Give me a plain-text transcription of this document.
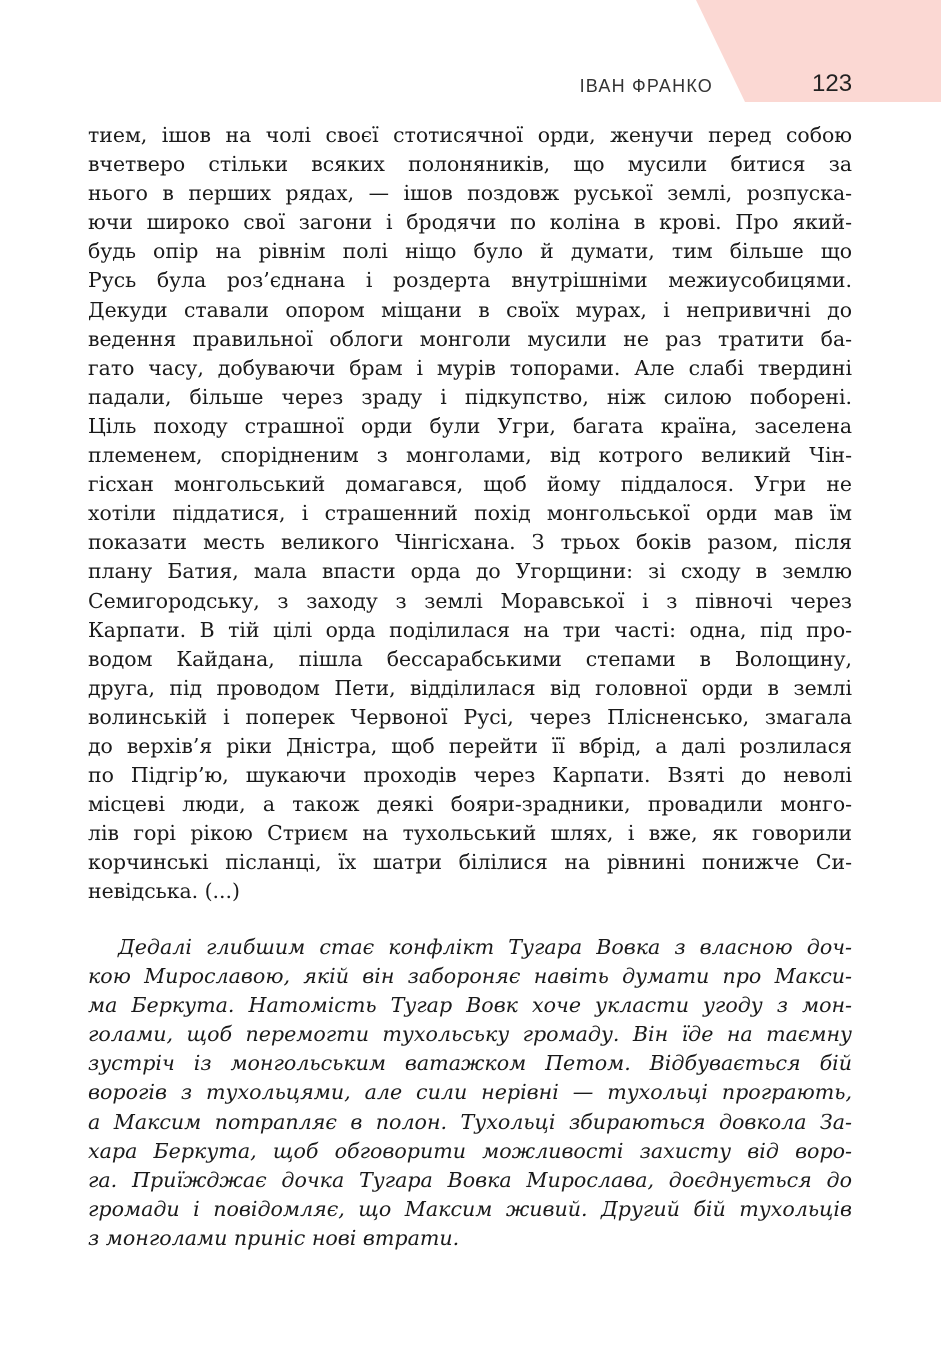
ІВАН ФРАНКО	123
тием, ішов на чолі своєї стотисячної орди, женучи перед собою
вчетверо стільки всяких полоняників, що мусили битися за
нього в перших рядах, — ішов поздовж руської землі, розпуска-
ючи широко свої загони і бродячи по коліна в крові. Про який-
будь опір на рівнім полі ніщо було й думати, тим більше що
Русь була роз’єднана і роздерта внутрішніми межиусобицями.
Декуди ставали опором міщани в своїх мурах, і непривичні до
ведення правильної облоги монголи мусили не раз тратити ба-
гато часу, добуваючи брам і мурів топорами. Але слабі твердині
падали, більше через зраду і підкупство, ніж силою поборені.
Ціль походу страшної орди були Угри, багата країна, заселена
племенем, спорідненим з монголами, від котрого великий Чін-
гісхан монгольський домагався, щоб йому піддалося. Угри не
хотіли піддатися, і страшенний похід монгольської орди мав їм
показати месть великого Чінгісхана. З трьох боків разом, після
плану Батия, мала впасти орда до Угорщини: зі сходу в землю
Семигородську, з заходу з землі Моравської і з півночі через
Карпати. В тій цілі орда поділилася на три часті: одна, під про-
водом Кайдана, пішла бессарабськими степами в Волощину,
друга, під проводом Пети, відділилася від головної орди в землі
волинській і поперек Червоної Русі, через Плісненсько, змагала
до верхів’я ріки Дністра, щоб перейти її вбрід, а далі розлилася
по Підгір’ю, шукаючи проходів через Карпати. Взяті до неволі
місцеві люди, а також деякі бояри-зрадники, провадили монго-
лів горі рікою Стриєм на тухольський шлях, і вже, як говорили
корчинські післанці, їх шатри білілися на рівнині понижче Си-
невідська. (...)
Дедалі глибшим стає конфлікт Тугара Вовка з власною доч-
кою Мирославою, якій він забороняє навіть думати про Макси-
ма Беркута. Натомість Тугар Вовк хоче укласти угоду з мон-
голами, щоб перемогти тухольську громаду. Він їде на таємну
зустріч із монгольським ватажком Петом. Відбувається бій
ворогів з тухольцями, але сили нерівні — тухольці програють,
а Максим потрапляє в полон. Тухольці збираються довкола За-
хара Беркута, щоб обговорити можливості захисту від воро-
га. Приїжджає дочка Тугара Вовка Мирослава, доєднується до
громади і повідомляє, що Максим живий. Другий бій тухольців
з монголами приніс нові втрати.
